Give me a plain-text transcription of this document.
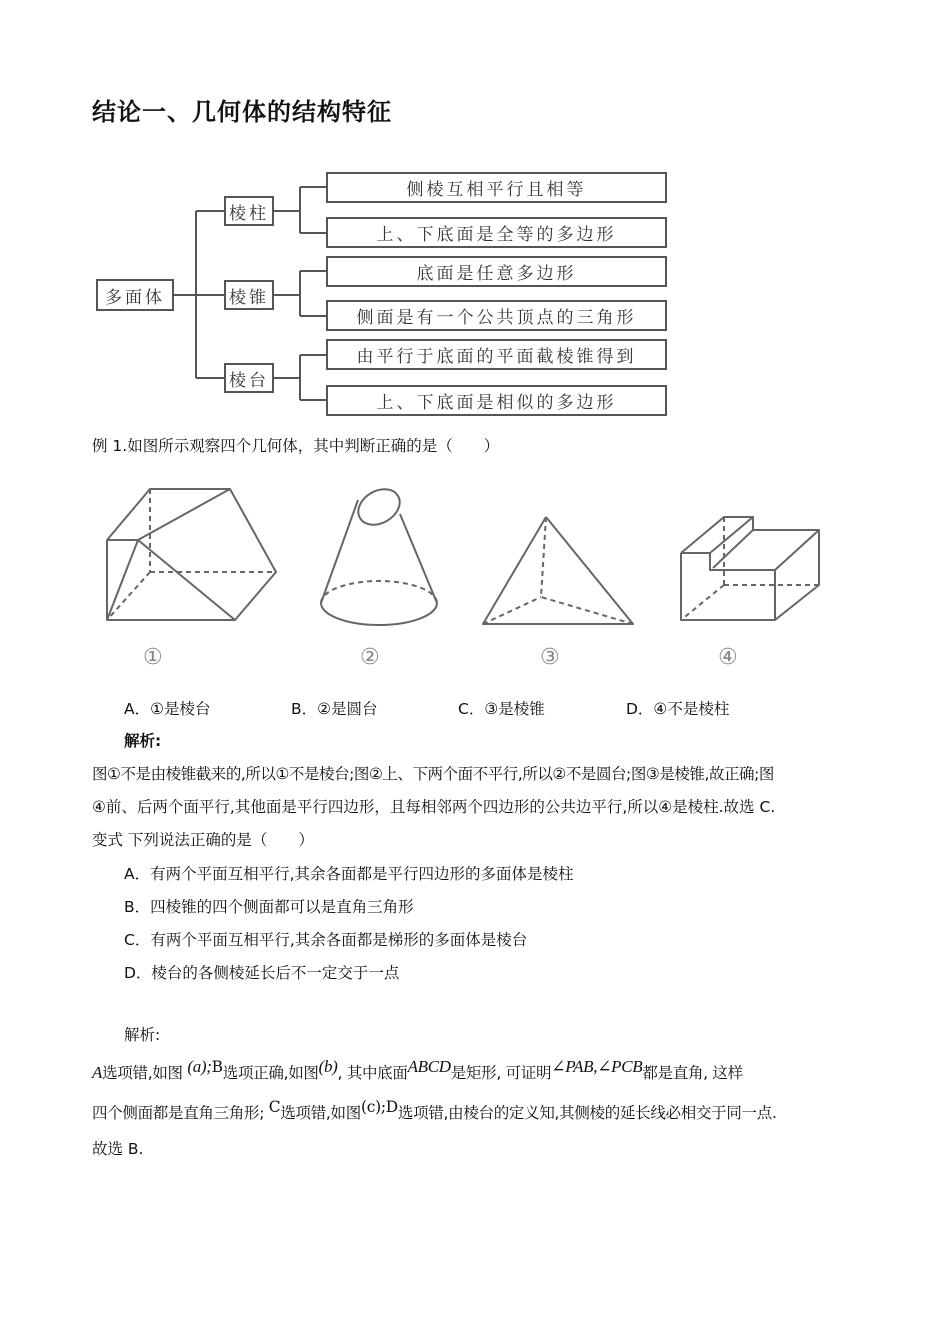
结论一、几何体的结构特征
多面体
棱柱
棱锥
棱台
侧棱互相平行且相等
上、下底面是全等的多边形
底面是任意多边形
侧面是有一个公共顶点的三角形
由平行于底面的平面截棱锥得到
上、下底面是相似的多边形
例 1.如图所示观察四个几何体，其中判断正确的是（　　）
①	②	③	④
A．①是棱台	B．②是圆台	C．③是棱锥	D．④不是棱柱
解析:
图①不是由棱锥截来的,所以①不是棱台;图②上、下两个面不平行,所以②不是圆台;图③是棱锥,故正确;图
④前、后两个面平行,其他面是平行四边形，且每相邻两个四边形的公共边平行,所以④是棱柱.故选 C.
变式 下列说法正确的是（　　）
A．有两个平面互相平行,其余各面都是平行四边形的多面体是棱柱
B．四棱锥的四个侧面都可以是直角三角形
C．有两个平面互相平行,其余各面都是梯形的多面体是棱台
D．棱台的各侧棱延长后不一定交于一点
解析:
A选项错,如图 (a);B选项正确,如图(b), 其中底面ABCD是矩形, 可证明∠PAB,∠PCB都是直角, 这样
四个侧面都是直角三角形; C选项错,如图(c);D选项错,由棱台的定义知,其侧棱的延长线必相交于同一点.
故选 B.
